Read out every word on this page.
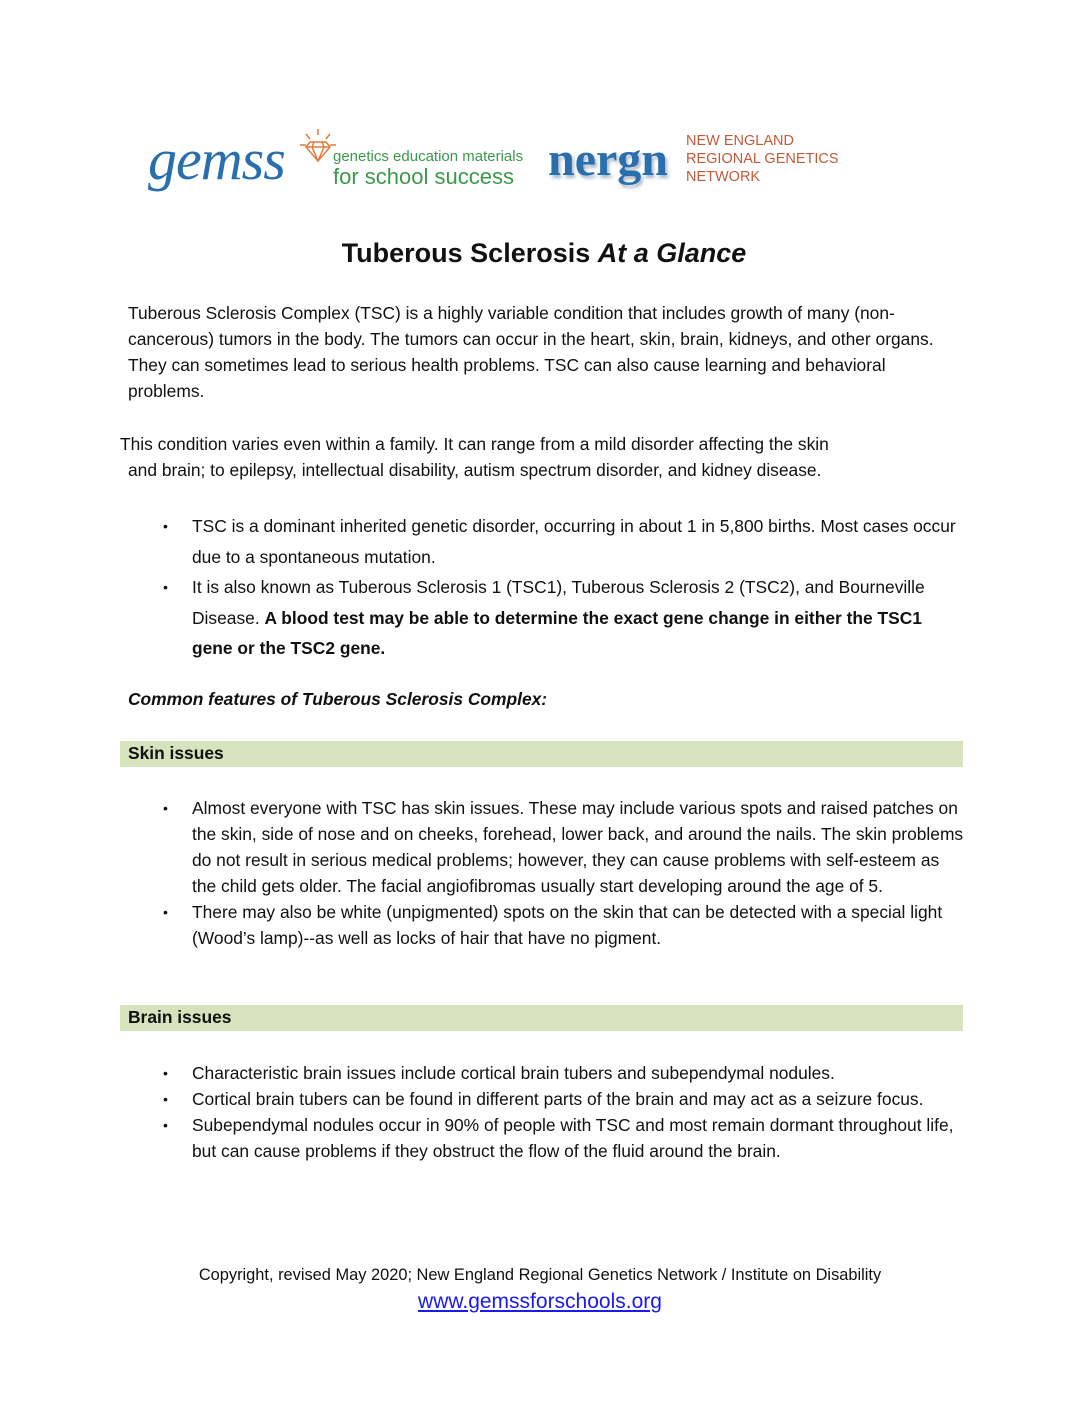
gemss	genetics education materials
for school success nergn NEW ENGLAND
REGIONAL GENETICS
NETWORK
Tuberous Sclerosis At a Glance
Tuberous Sclerosis Complex (TSC) is a highly variable condition that includes growth of many (non-cancerous) tumors in the body. The tumors can occur in the heart, skin, brain, kidneys, and other organs. They can sometimes lead to serious health problems. TSC can also cause learning and behavioral problems.
This condition varies even within a family. It can range from a mild disorder affecting the skin
and brain; to epilepsy, intellectual disability, autism spectrum disorder, and kidney disease.
• TSC is a dominant inherited genetic disorder, occurring in about 1 in 5,800 births. Most cases occur due to a spontaneous mutation.
• It is also known as Tuberous Sclerosis 1 (TSC1), Tuberous Sclerosis 2 (TSC2), and Bourneville Disease. A blood test may be able to determine the exact gene change in either the TSC1 gene or the TSC2 gene.
Common features of Tuberous Sclerosis Complex:
Skin issues
• Almost everyone with TSC has skin issues. These may include various spots and raised patches on the skin, side of nose and on cheeks, forehead, lower back, and around the nails. The skin problems do not result in serious medical problems; however, they can cause problems with self-esteem as the child gets older. The facial angiofibromas usually start developing around the age of 5.
• There may also be white (unpigmented) spots on the skin that can be detected with a special light (Wood’s lamp)--as well as locks of hair that have no pigment.
Brain issues
• Characteristic brain issues include cortical brain tubers and subependymal nodules.
• Cortical brain tubers can be found in different parts of the brain and may act as a seizure focus.
• Subependymal nodules occur in 90% of people with TSC and most remain dormant throughout life, but can cause problems if they obstruct the flow of the fluid around the brain.
Copyright, revised May 2020; New England Regional Genetics Network / Institute on Disability
www.gemssforschools.org
